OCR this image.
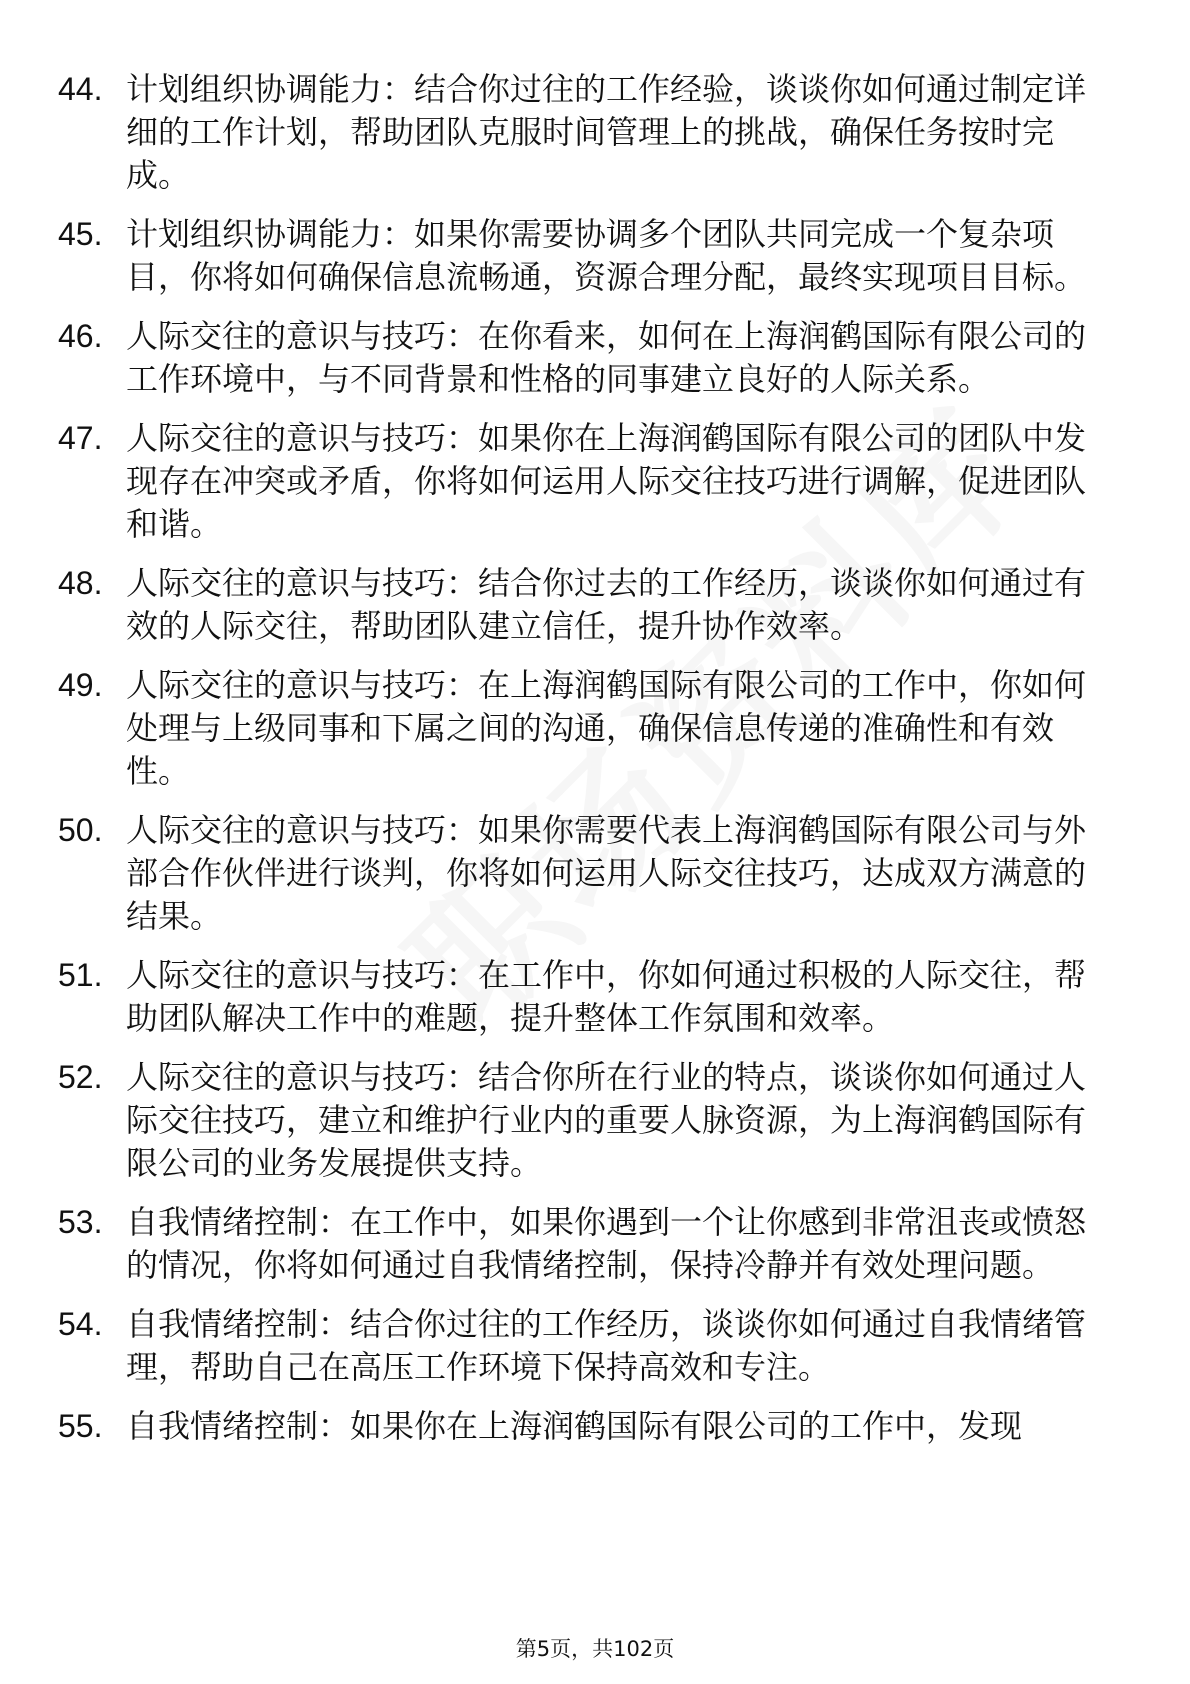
44. 计划组织协调能力：结合你过往的工作经验，谈谈你如何通过制定详细的工作计划，帮助团队克服时间管理上的挑战，确保任务按时完成。
45. 计划组织协调能力：如果你需要协调多个团队共同完成一个复杂项目，你将如何确保信息流畅通，资源合理分配，最终实现项目目标。
46. 人际交往的意识与技巧：在你看来，如何在上海润鹤国际有限公司的工作环境中，与不同背景和性格的同事建立良好的人际关系。
47. 人际交往的意识与技巧：如果你在上海润鹤国际有限公司的团队中发现存在冲突或矛盾，你将如何运用人际交往技巧进行调解，促进团队和谐。
48. 人际交往的意识与技巧：结合你过去的工作经历，谈谈你如何通过有效的人际交往，帮助团队建立信任，提升协作效率。
49. 人际交往的意识与技巧：在上海润鹤国际有限公司的工作中，你如何处理与上级同事和下属之间的沟通，确保信息传递的准确性和有效性。
50. 人际交往的意识与技巧：如果你需要代表上海润鹤国际有限公司与外部合作伙伴进行谈判，你将如何运用人际交往技巧，达成双方满意的结果。
51. 人际交往的意识与技巧：在工作中，你如何通过积极的人际交往，帮助团队解决工作中的难题，提升整体工作氛围和效率。
52. 人际交往的意识与技巧：结合你所在行业的特点，谈谈你如何通过人际交往技巧，建立和维护行业内的重要人脉资源，为上海润鹤国际有限公司的业务发展提供支持。
53. 自我情绪控制：在工作中，如果你遇到一个让你感到非常沮丧或愤怒的情况，你将如何通过自我情绪控制，保持冷静并有效处理问题。
54. 自我情绪控制：结合你过往的工作经历，谈谈你如何通过自我情绪管理，帮助自己在高压工作环境下保持高效和专注。
55. 自我情绪控制：如果你在上海润鹤国际有限公司的工作中，发现
第5页，共102页
